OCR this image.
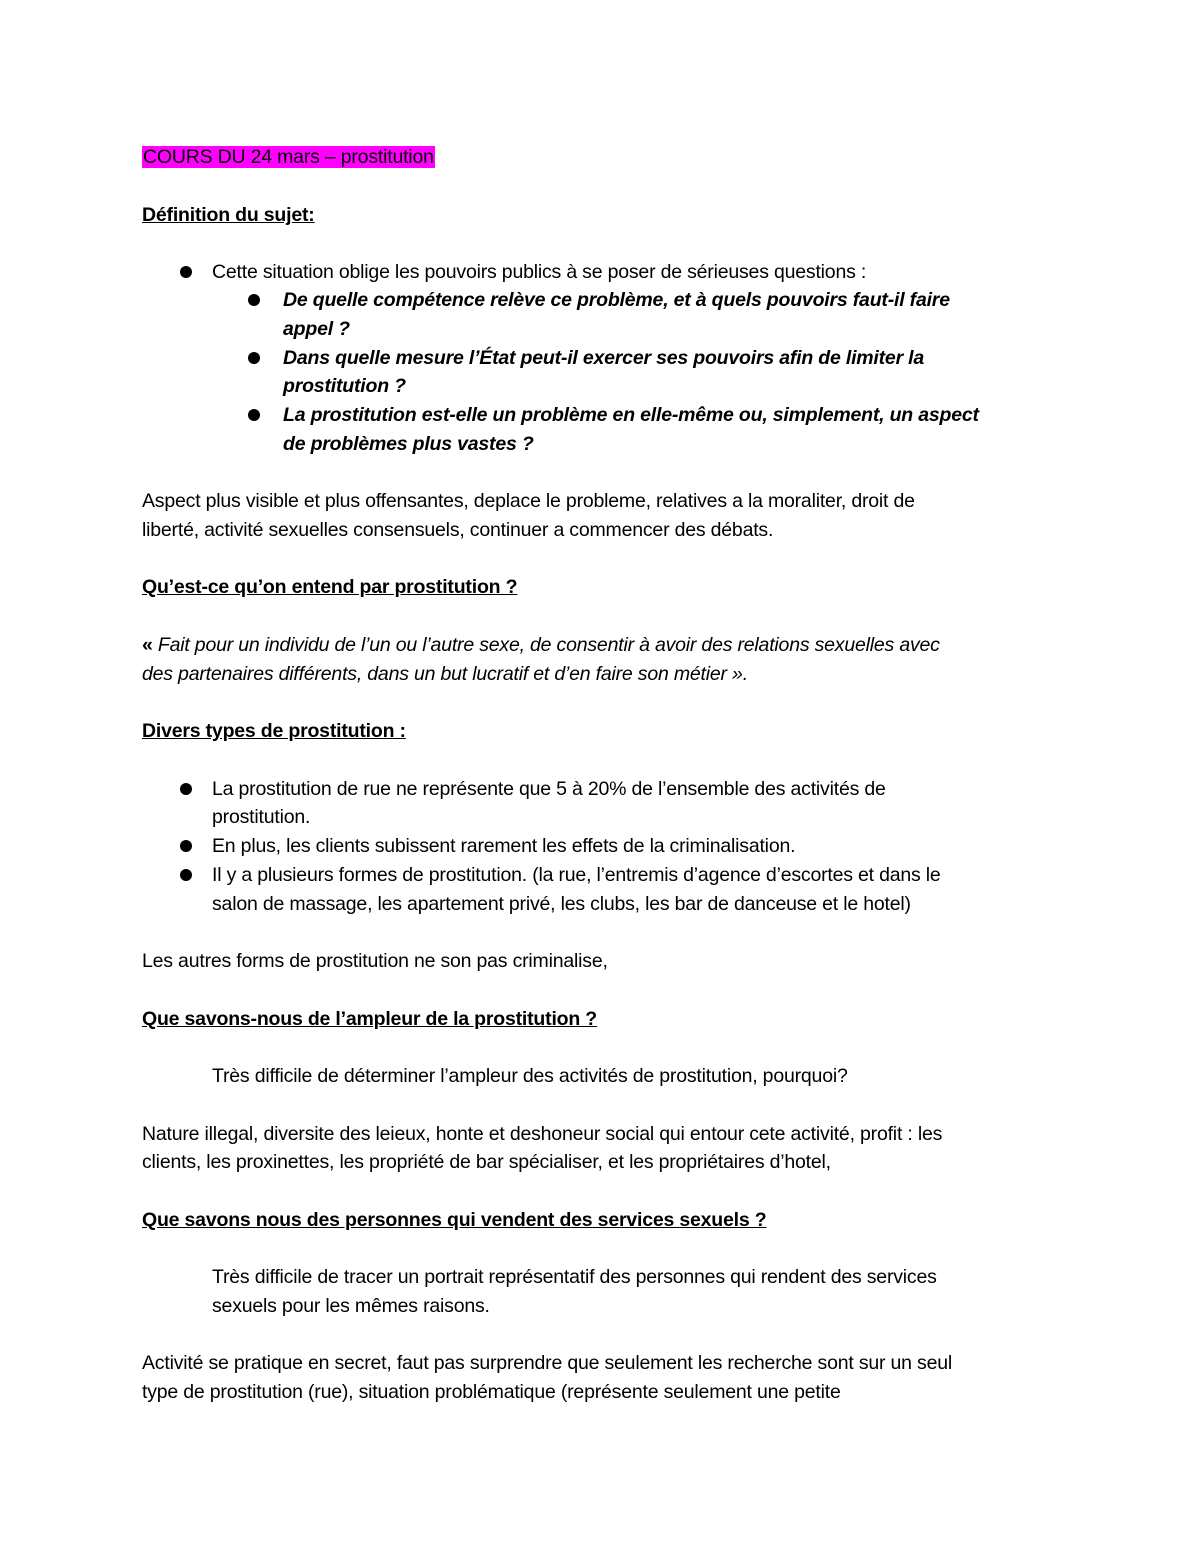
COURS DU 24 mars – prostitution
Définition du sujet:
Cette situation oblige les pouvoirs publics à se poser de sérieuses questions :
De quelle compétence relève ce problème, et à quels pouvoirs faut-il faire
appel ?
Dans quelle mesure l’État peut-il exercer ses pouvoirs afin de limiter la
prostitution ?
La prostitution est-elle un problème en elle-même ou, simplement, un aspect
de problèmes plus vastes ?
Aspect plus visible et plus offensantes, deplace le probleme, relatives a la moraliter, droit de
liberté, activité sexuelles consensuels, continuer a commencer des débats.
Qu’est-ce qu’on entend par prostitution ?
« Fait pour un individu de l’un ou l’autre sexe, de consentir à avoir des relations sexuelles avec
des partenaires différents, dans un but lucratif et d’en faire son métier ».
Divers types de prostitution :
La prostitution de rue ne représente que 5 à 20% de l’ensemble des activités de
prostitution.
En plus, les clients subissent rarement les effets de la criminalisation.
Il y a plusieurs formes de prostitution. (la rue, l’entremis d’agence d’escortes et dans le
salon de massage, les apartement privé, les clubs, les bar de danceuse et le hotel)
Les autres forms de prostitution ne son pas criminalise,
Que savons-nous de l’ampleur de la prostitution ?
Très difficile de déterminer l’ampleur des activités de prostitution, pourquoi?
Nature illegal, diversite des leieux, honte et deshoneur social qui entour cete activité, profit : les
clients, les proxinettes, les propriété de bar spécialiser, et les propriétaires d’hotel,
Que savons nous des personnes qui vendent des services sexuels ?
Très difficile de tracer un portrait représentatif des personnes qui rendent des services
sexuels pour les mêmes raisons.
Activité se pratique en secret, faut pas surprendre que seulement les recherche sont sur un seul
type de prostitution (rue), situation problématique (représente seulement une petite
